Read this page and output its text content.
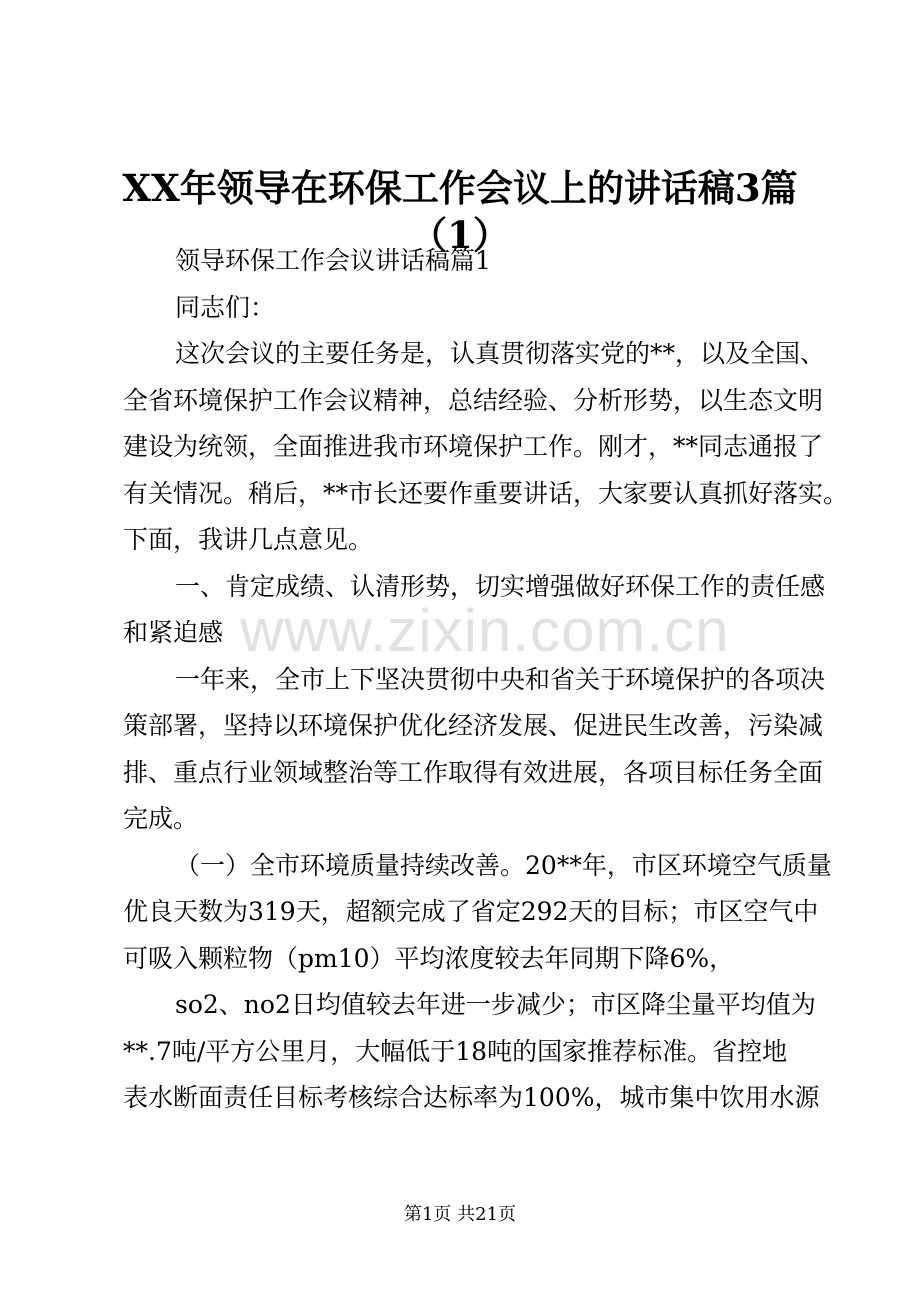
XX年领导在环保工作会议上的讲话稿3篇
（1）

领导环保工作会议讲话稿篇1

同志们：

这次会议的主要任务是，认真贯彻落实党的**，以及全国、
全省环境保护工作会议精神，总结经验、分析形势，以生态文明
建设为统领，全面推进我市环境保护工作。刚才，**同志通报了
有关情况。稍后，**市长还要作重要讲话，大家要认真抓好落实。
下面，我讲几点意见。

一、肯定成绩、认清形势，切实增强做好环保工作的责任感
和紧迫感

一年来，全市上下坚决贯彻中央和省关于环境保护的各项决
策部署，坚持以环境保护优化经济发展、促进民生改善，污染减
排、重点行业领域整治等工作取得有效进展，各项目标任务全面
完成。

（一）全市环境质量持续改善。20**年，市区环境空气质量
优良天数为319天，超额完成了省定292天的目标；市区空气中
可吸入颗粒物（pm10）平均浓度较去年同期下降6%，

so2、no2日均值较去年进一步减少；市区降尘量平均值为
**.7吨/平方公里月，大幅低于18吨的国家推荐标准。省控地
表水断面责任目标考核综合达标率为100%，城市集中饮用水源

www.zixin.com.cn
第1页 共21页
